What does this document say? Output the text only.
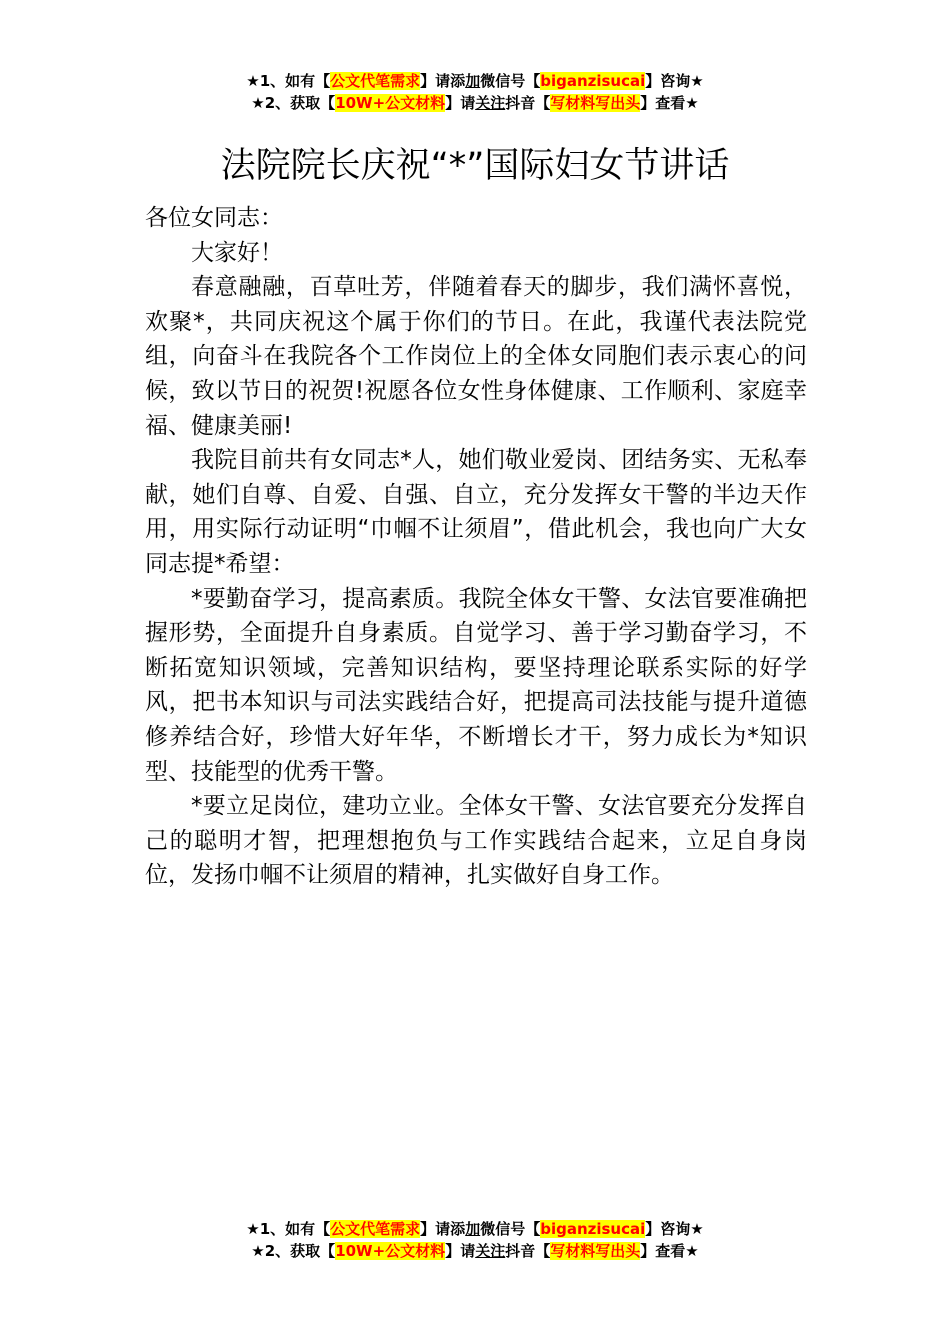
★1、如有【公文代笔需求】请添加微信号【biganzisucai】咨询★
★2、获取【10W+公文材料】请关注抖音【写材料写出头】查看★
法院院长庆祝“*”国际妇女节讲话

各位女同志：

大家好！

春意融融，百草吐芳，伴随着春天的脚步，我们满怀喜悦，欢聚*，共同庆祝这个属于你们的节日。在此，我谨代表法院党组，向奋斗在我院各个工作岗位上的全体女同胞们表示衷心的问候，致以节日的祝贺!祝愿各位女性身体健康、工作顺利、家庭幸福、健康美丽!

我院目前共有女同志*人，她们敬业爱岗、团结务实、无私奉献，她们自尊、自爱、自强、自立，充分发挥女干警的半边天作用，用实际行动证明“巾帼不让须眉”，借此机会，我也向广大女同志提*希望：

*要勤奋学习，提高素质。我院全体女干警、女法官要准确把握形势，全面提升自身素质。自觉学习、善于学习勤奋学习，不断拓宽知识领域，完善知识结构，要坚持理论联系实际的好学风，把书本知识与司法实践结合好，把提高司法技能与提升道德修养结合好，珍惜大好年华，不断增长才干，努力成长为*知识型、技能型的优秀干警。

*要立足岗位，建功立业。全体女干警、女法官要充分发挥自己的聪明才智，把理想抱负与工作实践结合起来，立足自身岗位，发扬巾帼不让须眉的精神，扎实做好自身工作。

★1、如有【公文代笔需求】请添加微信号【biganzisucai】咨询★
★2、获取【10W+公文材料】请关注抖音【写材料写出头】查看★
